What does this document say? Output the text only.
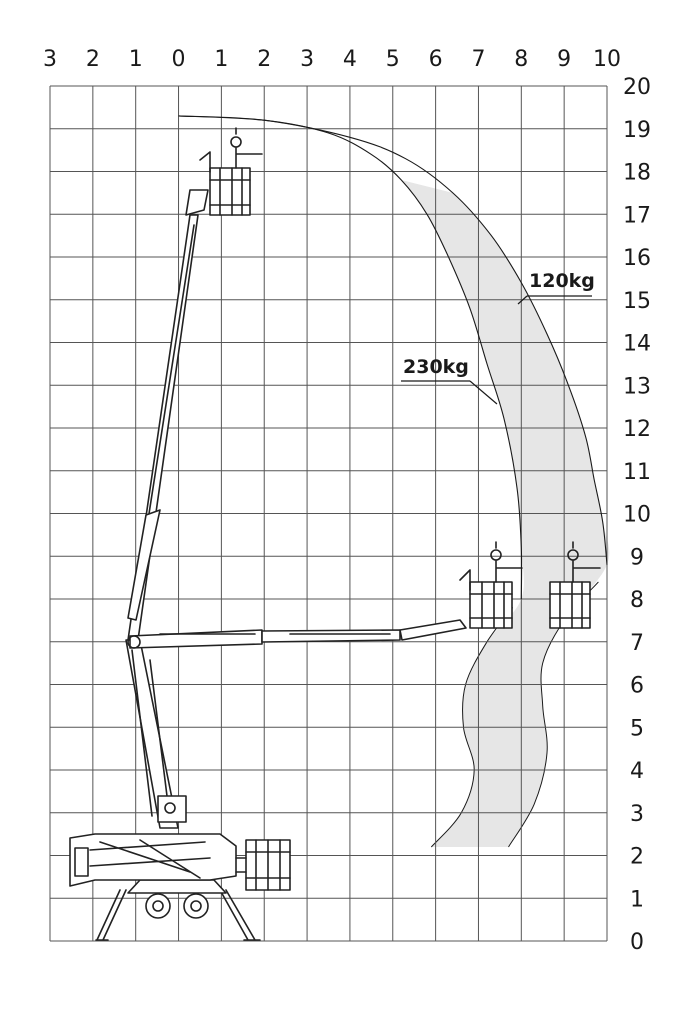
3 2 1 0 1 2 3 4 5 6 7 8 9 10
0
1
2
3
4
5
6
7
8
9
10
11
12
13
14
15
16
17
18
19
20
230kg
120kg
